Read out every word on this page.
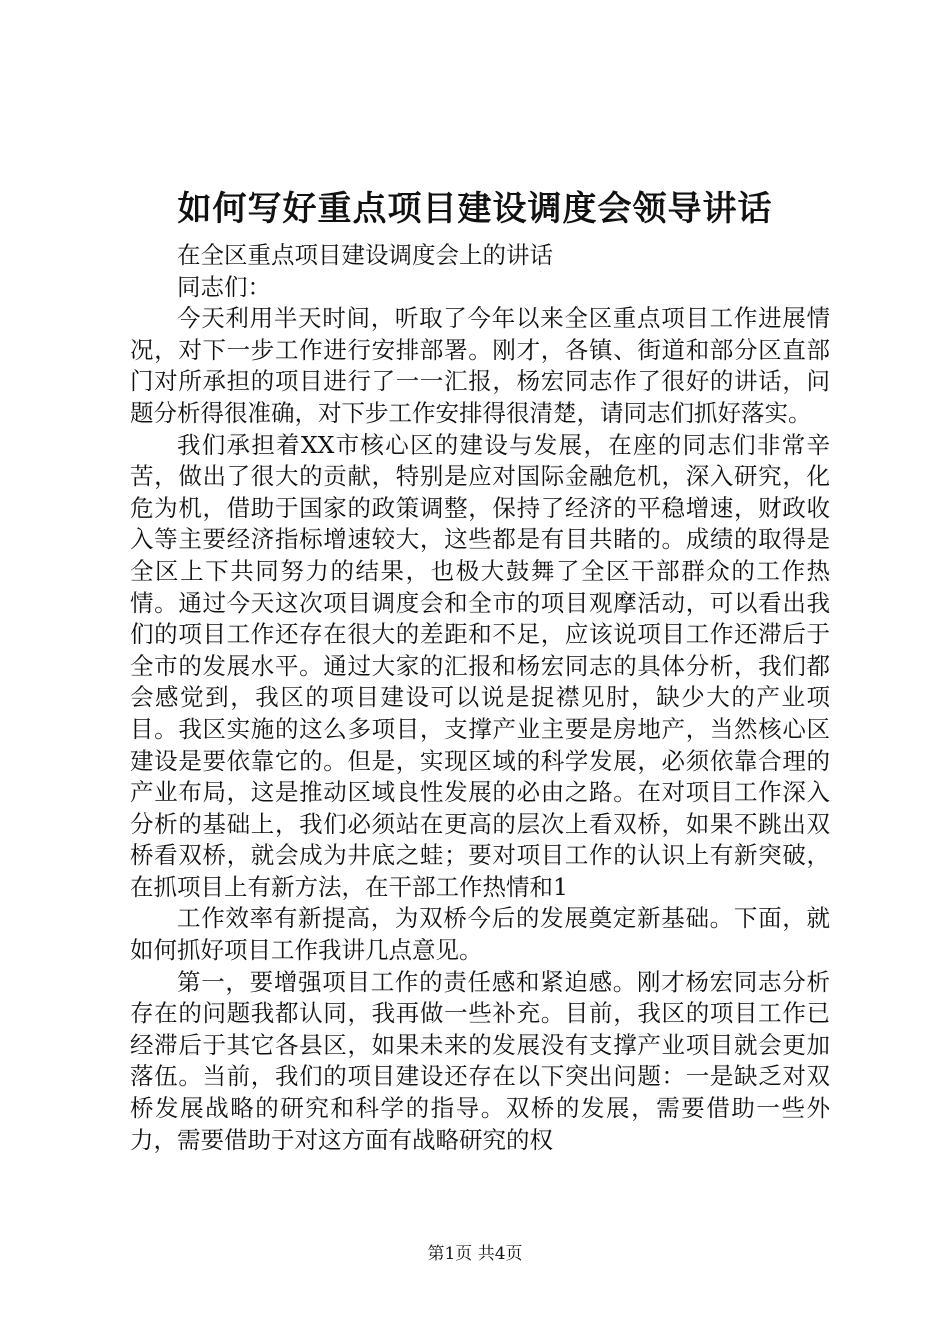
如何写好重点项目建设调度会领导讲话

在全区重点项目建设调度会上的讲话

同志们：

今天利用半天时间，听取了今年以来全区重点项目工作进展情况，对下一步工作进行安排部署。刚才，各镇、街道和部分区直部门对所承担的项目进行了一一汇报，杨宏同志作了很好的讲话，问题分析得很准确，对下步工作安排得很清楚，请同志们抓好落实。

我们承担着XX市核心区的建设与发展，在座的同志们非常辛苦，做出了很大的贡献，特别是应对国际金融危机，深入研究，化危为机，借助于国家的政策调整，保持了经济的平稳增速，财政收入等主要经济指标增速较大，这些都是有目共睹的。成绩的取得是全区上下共同努力的结果，也极大鼓舞了全区干部群众的工作热情。通过今天这次项目调度会和全市的项目观摩活动，可以看出我们的项目工作还存在很大的差距和不足，应该说项目工作还滞后于全市的发展水平。通过大家的汇报和杨宏同志的具体分析，我们都会感觉到，我区的项目建设可以说是捉襟见肘，缺少大的产业项目。我区实施的这么多项目，支撑产业主要是房地产，当然核心区建设是要依靠它的。但是，实现区域的科学发展，必须依靠合理的产业布局，这是推动区域良性发展的必由之路。在对项目工作深入分析的基础上，我们必须站在更高的层次上看双桥，如果不跳出双桥看双桥，就会成为井底之蛙；要对项目工作的认识上有新突破，在抓项目上有新方法，在干部工作热情和1

工作效率有新提高，为双桥今后的发展奠定新基础。下面，就如何抓好项目工作我讲几点意见。

第一，要增强项目工作的责任感和紧迫感。刚才杨宏同志分析存在的问题我都认同，我再做一些补充。目前，我区的项目工作已经滞后于其它各县区，如果未来的发展没有支撑产业项目就会更加落伍。当前，我们的项目建设还存在以下突出问题：一是缺乏对双桥发展战略的研究和科学的指导。双桥的发展，需要借助一些外力，需要借助于对这方面有战略研究的权

第1页 共4页
